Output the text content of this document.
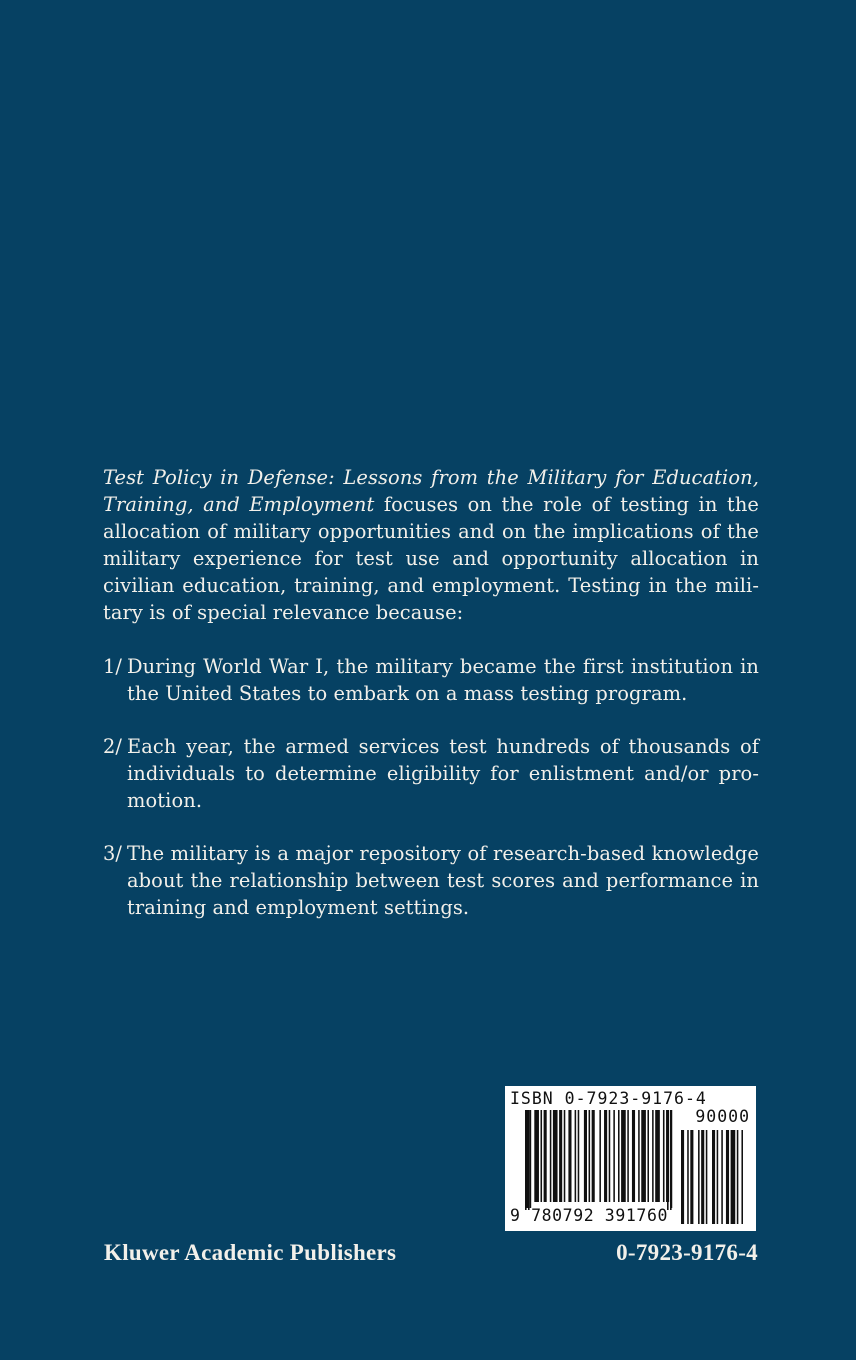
Test Policy in Defense: Lessons from the Military for Education, Training, and Employment focuses on the role of testing in the allocation of military opportunities and on the implications of the military experience for test use and opportunity allocation in civilian education, training, and employment. Testing in the mili-tary is of special relevance because:

1/ During World War I, the military became the first institution in the United States to embark on a mass testing program.
2/ Each year, the armed services test hundreds of thousands of individuals to determine eligibility for enlistment and/or pro-motion.
3/ The military is a major repository of research-based knowledge about the relationship between test scores and performance in training and employment settings.
ISBN 0-7923-9176-4
90000
9 780792 391760
Kluwer Academic Publishers	0-7923-9176-4
